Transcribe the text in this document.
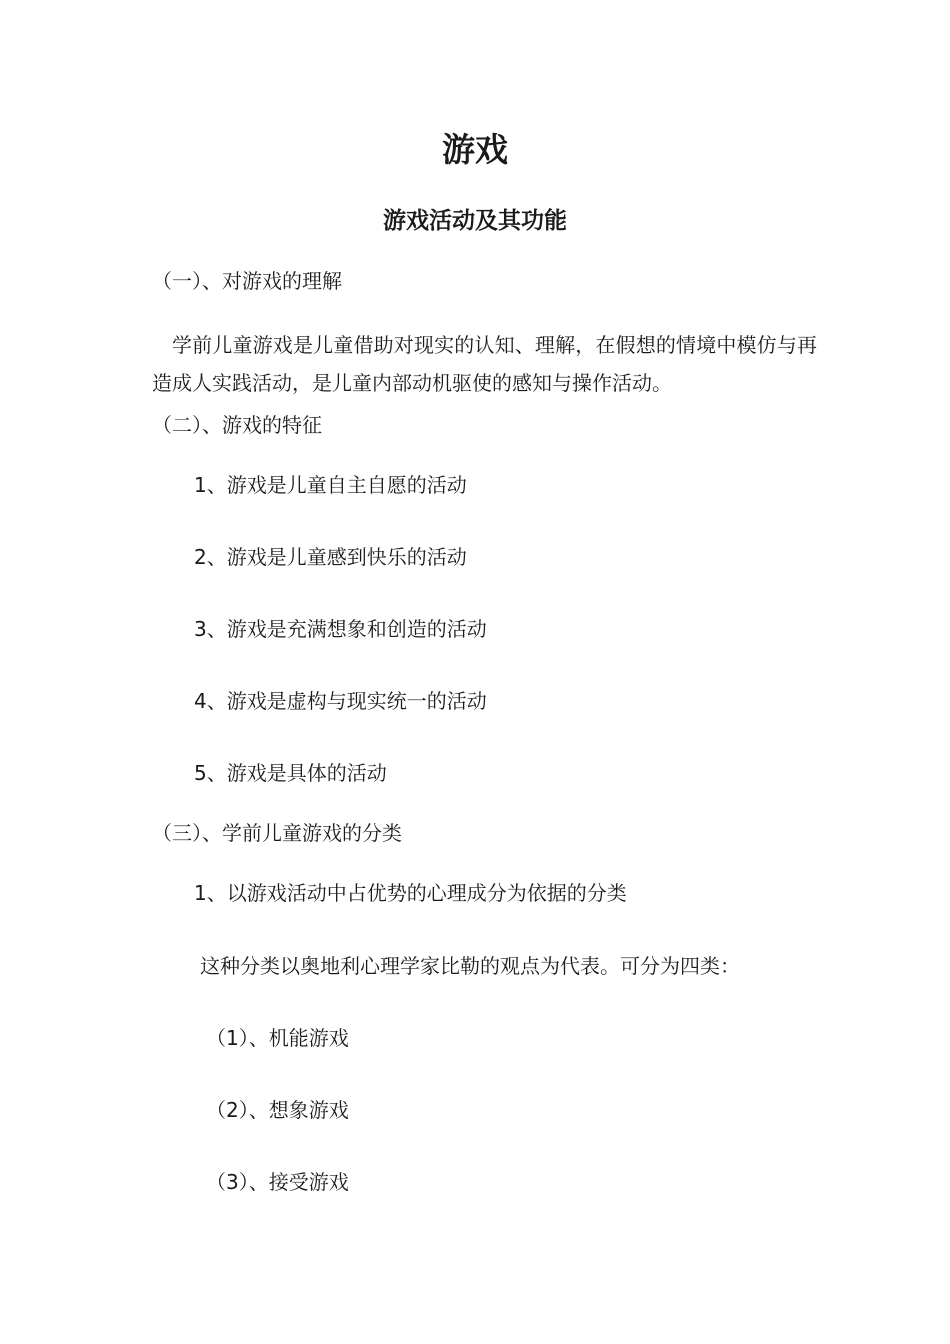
游戏
游戏活动及其功能
（一）、对游戏的理解
学前儿童游戏是儿童借助对现实的认知、理解，在假想的情境中模仿与再造成人实践活动，是儿童内部动机驱使的感知与操作活动。
（二）、游戏的特征
1、游戏是儿童自主自愿的活动
2、游戏是儿童感到快乐的活动
3、游戏是充满想象和创造的活动
4、游戏是虚构与现实统一的活动
5、游戏是具体的活动
（三）、学前儿童游戏的分类
1、以游戏活动中占优势的心理成分为依据的分类
这种分类以奥地利心理学家比勒的观点为代表。可分为四类：
（1）、机能游戏
（2）、想象游戏
（3）、接受游戏
